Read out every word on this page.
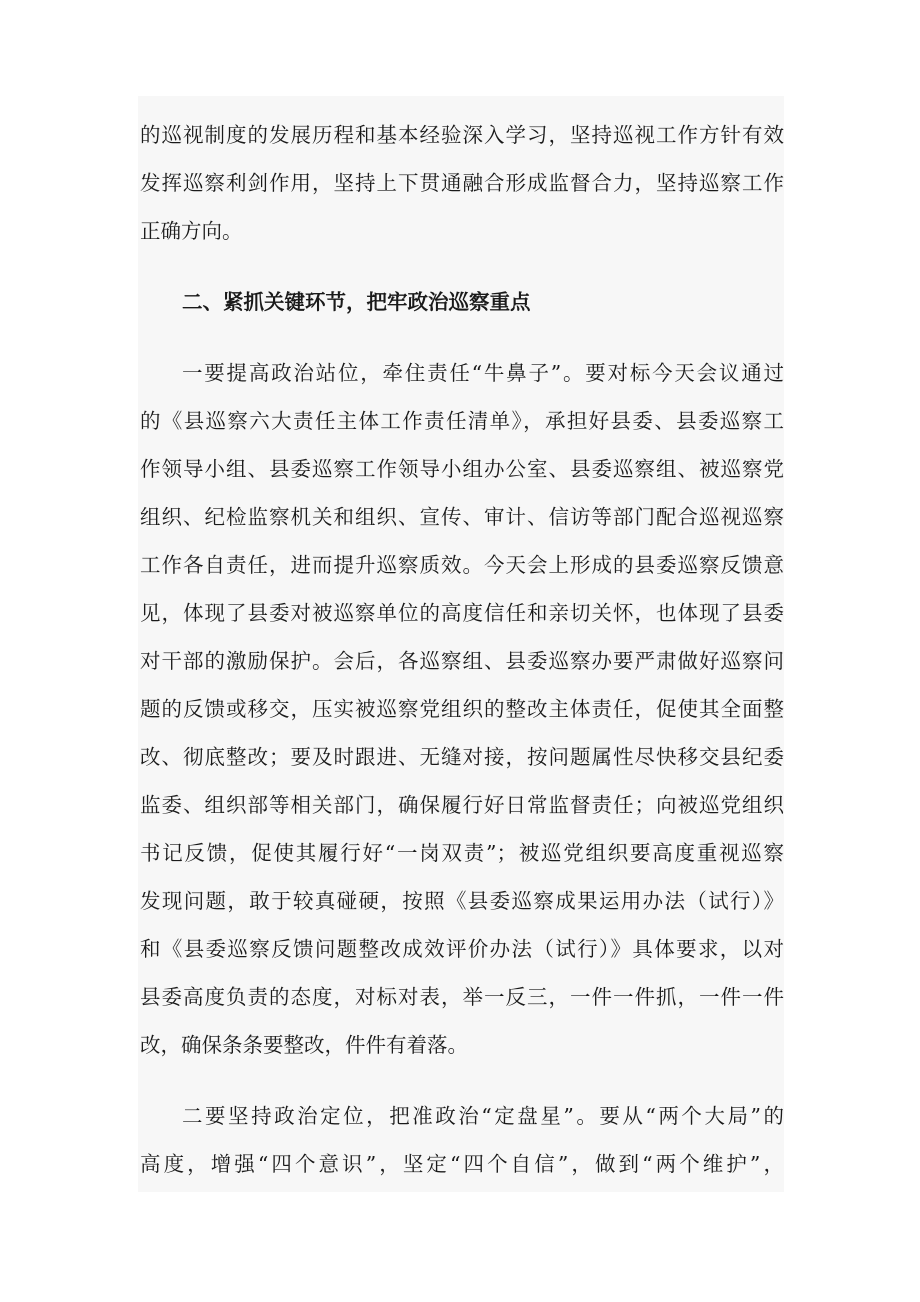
的巡视制度的发展历程和基本经验深入学习，坚持巡视工作方针有效
发挥巡察利剑作用，坚持上下贯通融合形成监督合力，坚持巡察工作
正确方向。
二、紧抓关键环节，把牢政治巡察重点
一要提高政治站位，牵住责任“牛鼻子”。要对标今天会议通过
的《县巡察六大责任主体工作责任清单》，承担好县委、县委巡察工
作领导小组、县委巡察工作领导小组办公室、县委巡察组、被巡察党
组织、纪检监察机关和组织、宣传、审计、信访等部门配合巡视巡察
工作各自责任，进而提升巡察质效。今天会上形成的县委巡察反馈意
见，体现了县委对被巡察单位的高度信任和亲切关怀，也体现了县委
对干部的激励保护。会后，各巡察组、县委巡察办要严肃做好巡察问
题的反馈或移交，压实被巡察党组织的整改主体责任，促使其全面整
改、彻底整改；要及时跟进、无缝对接，按问题属性尽快移交县纪委
监委、组织部等相关部门，确保履行好日常监督责任；向被巡党组织
书记反馈，促使其履行好“一岗双责”；被巡党组织要高度重视巡察
发现问题，敢于较真碰硬，按照《县委巡察成果运用办法（试行）》
和《县委巡察反馈问题整改成效评价办法（试行）》具体要求，以对
县委高度负责的态度，对标对表，举一反三，一件一件抓，一件一件
改，确保条条要整改，件件有着落。
二要坚持政治定位，把准政治“定盘星”。要从“两个大局”的
高度，增强“四个意识”，坚定“四个自信”，做到“两个维护”，
